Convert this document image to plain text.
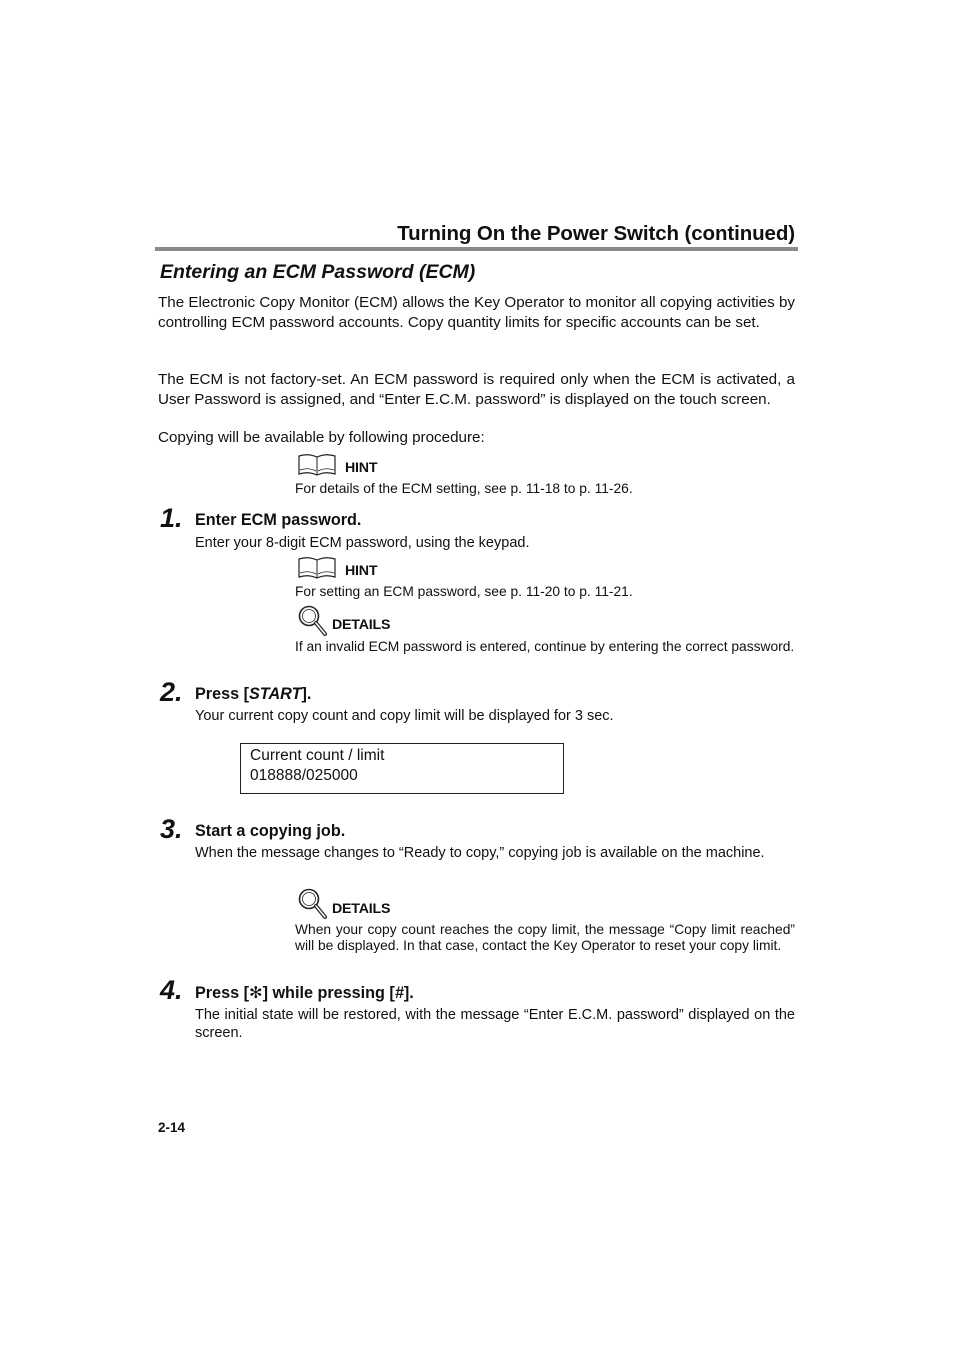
Turning On the Power Switch (continued)
Entering an ECM Password (ECM)
The Electronic Copy Monitor (ECM) allows the Key Operator to monitor all copying activities by controlling ECM password accounts. Copy quantity limits for specific accounts can be set.
The ECM is not factory-set. An ECM password is required only when the ECM is activated, a User Password is assigned, and “Enter E.C.M. password” is displayed on the touch screen.
Copying will be available by following procedure:
HINT
For details of the ECM setting, see p. 11-18 to p. 11-26.
1. Enter ECM password.
Enter your 8-digit ECM password, using the keypad.
HINT
For setting an ECM password, see p. 11-20 to p. 11-21.
DETAILS
If an invalid ECM password is entered, continue by entering the correct password.
2. Press [START].
Your current copy count and copy limit will be displayed for 3 sec.
Current count / limit
018888/025000
3. Start a copying job.
When the message changes to “Ready to copy,” copying job is available on the machine.
DETAILS
When your copy count reaches the copy limit, the message “Copy limit reached” will be displayed. In that case, contact the Key Operator to reset your copy limit.
4. Press [✻] while pressing [#].
The initial state will be restored, with the message “Enter E.C.M. password” displayed on the screen.
2-14
